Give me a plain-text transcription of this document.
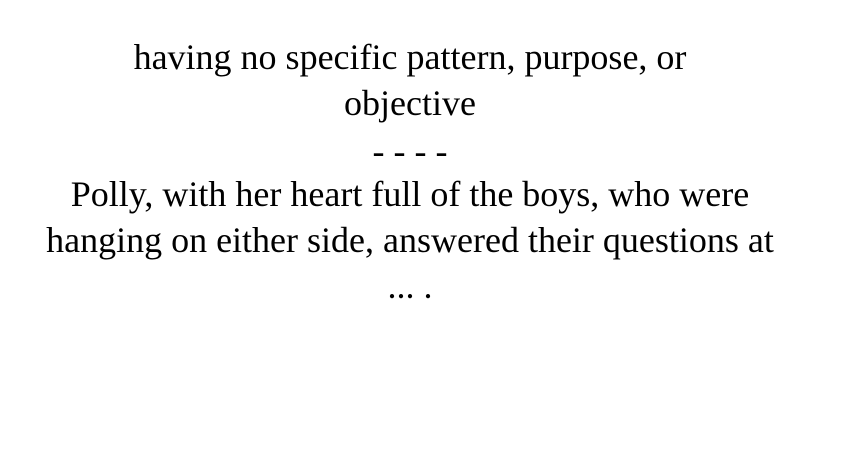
having no specific pattern, purpose, or objective

- - - -

Polly, with her heart full of the boys, who were hanging on either side, answered their questions at ... .
